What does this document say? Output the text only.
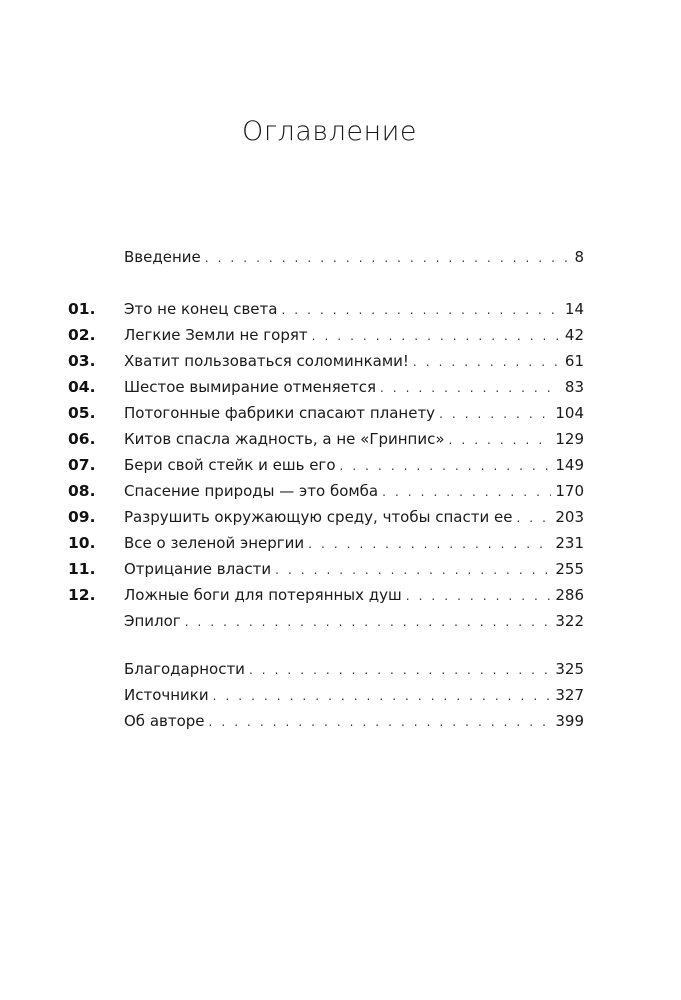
Оглавление
Введение . . .	8
01.	Это не конец света . . .	14
02.	Легкие Земли не горят . . .	42
03.	Хватит пользоваться соломинками! . . .	61
04.	Шестое вымирание отменяется . . .	83
05.	Потогонные фабрики спасают планету . . .	104
06.	Китов спасла жадность, а не «Гринпис» . . .	129
07.	Бери свой стейк и ешь его . . .	149
08.	Спасение природы — это бомба . . .	170
09.	Разрушить окружающую среду, чтобы спасти ее . . .	203
10.	Все о зеленой энергии . . .	231
11.	Отрицание власти . . .	255
12.	Ложные боги для потерянных душ . . .	286
Эпилог . . .	322
Благодарности . . .	325
Источники . . .	327
Об авторе . . .	399
